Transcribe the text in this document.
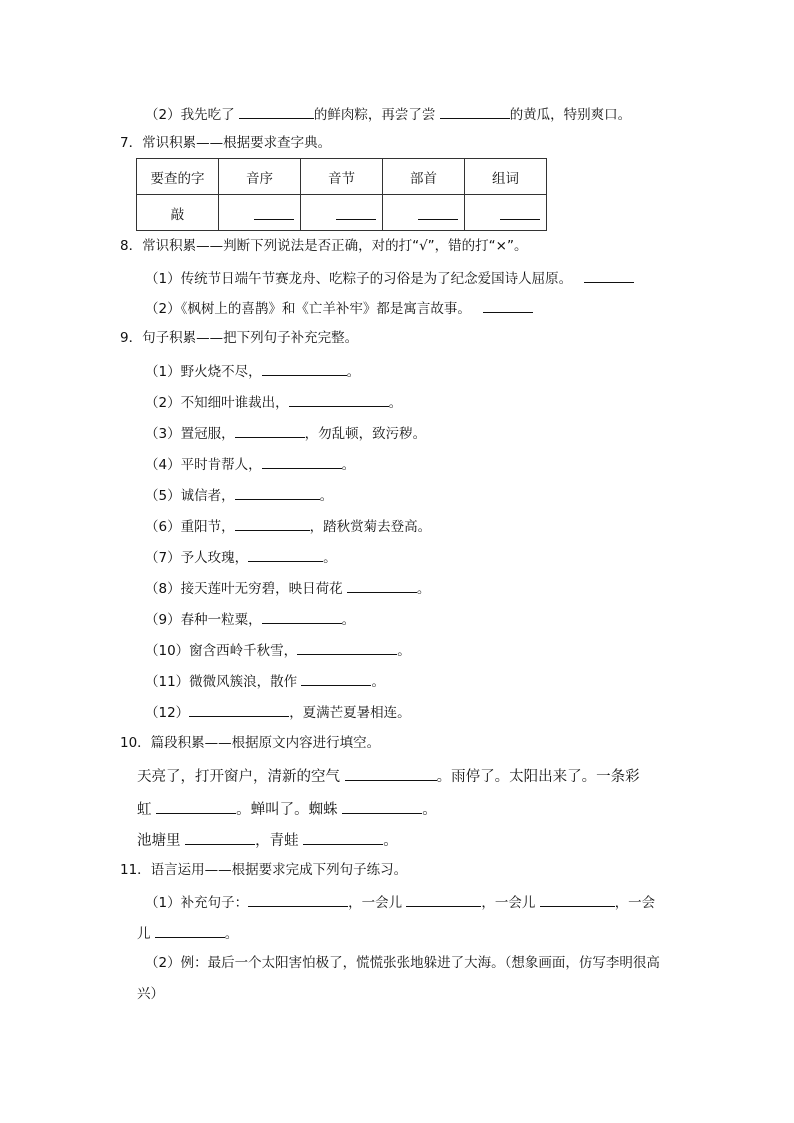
（2）我先吃了	的鲜肉粽，再尝了尝	的黄瓜，特别爽口。
7．常识积累——根据要求查字典。
要查的字	音序	音节	部首	组词
敲				
8．常识积累——判断下列说法是否正确，对的打“√”，错的打“×”。
（1）传统节日端午节赛龙舟、吃粽子的习俗是为了纪念爱国诗人屈原。
（2）《枫树上的喜鹊》和《亡羊补牢》都是寓言故事。
9．句子积累——把下列句子补充完整。
（1）野火烧不尽，	。
（2）不知细叶谁裁出，	。
（3）置冠服，	，勿乱顿，致污秽。
（4）平时肯帮人，	。
（5）诚信者，	。
（6）重阳节，	，踏秋赏菊去登高。
（7）予人玫瑰，	。
（8）接天莲叶无穷碧，映日荷花	。
（9）春种一粒粟，	。
（10）窗含西岭千秋雪，	。
（11）微微风簇浪，散作	。
（12）	，夏满芒夏暑相连。
10．篇段积累——根据原文内容进行填空。
天亮了，打开窗户，清新的空气	。雨停了。太阳出来了。一条彩
虹	。蝉叫了。蜘蛛	。
池塘里	，青蛙	。
11．语言运用——根据要求完成下列句子练习。
（1）补充句子：	，一会儿	，一会儿	，一会
儿	。
（2）例：最后一个太阳害怕极了，慌慌张张地躲进了大海。（想象画面，仿写李明很高
兴）
